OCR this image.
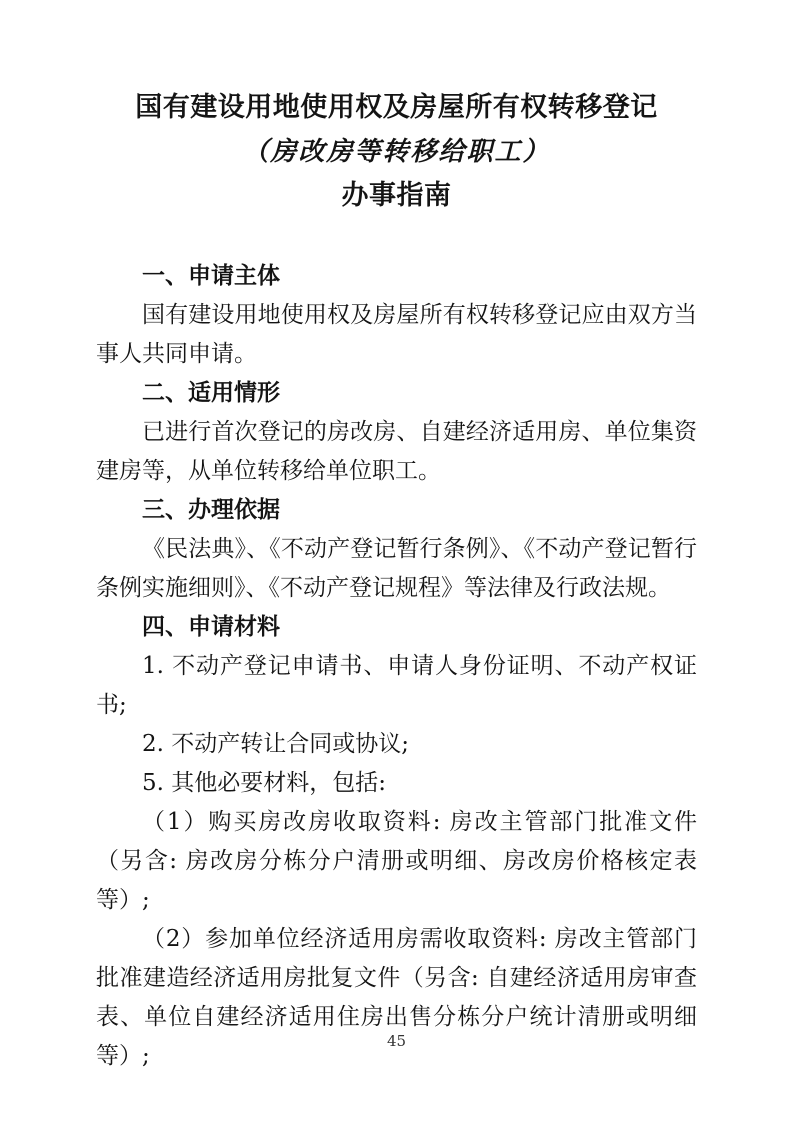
国有建设用地使用权及房屋所有权转移登记
（房改房等转移给职工）
办事指南
一、申请主体

国有建设用地使用权及房屋所有权转移登记应由双方当事人共同申请。

二、适用情形

已进行首次登记的房改房、自建经济适用房、单位集资建房等，从单位转移给单位职工。

三、办理依据

《民法典》、《不动产登记暂行条例》、《不动产登记暂行条例实施细则》、《不动产登记规程》等法律及行政法规。

四、申请材料

1. 不动产登记申请书、申请人身份证明、不动产权证书;

2. 不动产转让合同或协议;

5. 其他必要材料，包括:

（1）购买房改房收取资料: 房改主管部门批准文件（另含: 房改房分栋分户清册或明细、房改房价格核定表等）;

（2）参加单位经济适用房需收取资料: 房改主管部门批准建造经济适用房批复文件（另含: 自建经济适用房审查表、单位自建经济适用住房出售分栋分户统计清册或明细等）;

45
